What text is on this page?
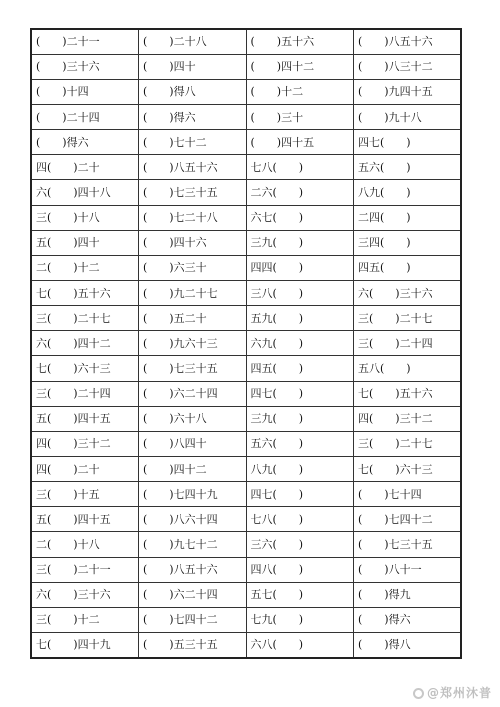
(　　)二十一	(　　)二十八	(　　)五十六	(　　)八五十六
(　　)三十六	(　　)四十	(　　)四十二	(　　)八三十二
(　　)十四	(　　)得八	(　　)十二	(　　)九四十五
(　　)二十四	(　　)得六	(　　)三十	(　　)九十八
(　　)得六	(　　)七十二	(　　)四十五	四七(　　)
四(　　)二十	(　　)八五十六	七八(　　)	五六(　　)
六(　　)四十八	(　　)七三十五	二六(　　)	八九(　　)
三(　　)十八	(　　)七二十八	六七(　　)	二四(　　)
五(　　)四十	(　　)四十六	三九(　　)	三四(　　)
二(　　)十二	(　　)六三十	四四(　　)	四五(　　)
七(　　)五十六	(　　)九二十七	三八(　　)	六(　　)三十六
三(　　)二十七	(　　)五二十	五九(　　)	三(　　)二十七
六(　　)四十二	(　　)九六十三	六九(　　)	三(　　)二十四
七(　　)六十三	(　　)七三十五	四五(　　)	五八(　　)
三(　　)二十四	(　　)六二十四	四七(　　)	七(　　)五十六
五(　　)四十五	(　　)六十八	三九(　　)	四(　　)三十二
四(　　)三十二	(　　)八四十	五六(　　)	三(　　)二十七
四(　　)二十	(　　)四十二	八九(　　)	七(　　)六十三
三(　　)十五	(　　)七四十九	四七(　　)	(　　)七十四
五(　　)四十五	(　　)八六十四	七八(　　)	(　　)七四十二
二(　　)十八	(　　)九七十二	三六(　　)	(　　)七三十五
三(　　)二十一	(　　)八五十六	四八(　　)	(　　)八十一
六(　　)三十六	(　　)六二十四	五七(　　)	(　　)得九
三(　　)十二	(　　)七四十二	七九(　　)	(　　)得六
七(　　)四十九	(　　)五三十五	六八(　　)	(　　)得八
@郑州沐普
